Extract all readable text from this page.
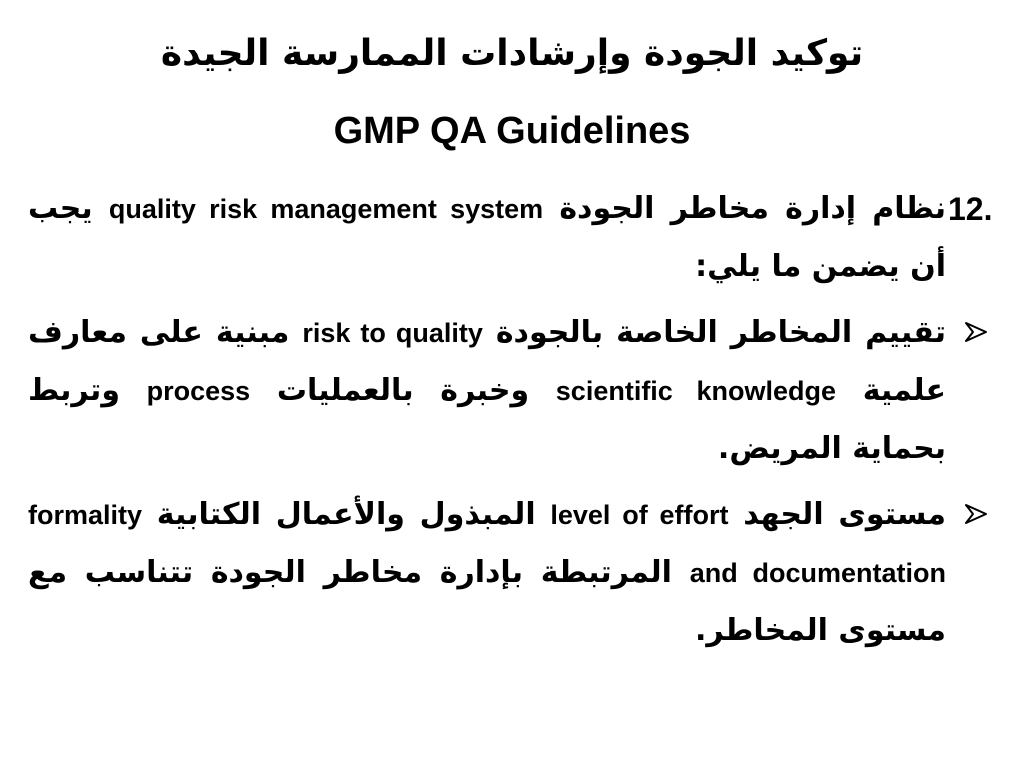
توكيد الجودة وإرشادات الممارسة الجيدة
GMP QA Guidelines
12.
نظام إدارة مخاطر الجودة quality risk management system يجب أن يضمن ما يلي:
تقييم المخاطر الخاصة بالجودة risk to quality مبنية على معارف علمية scientific knowledge وخبرة بالعمليات process وتربط بحماية المريض.
مستوى الجهد level of effort المبذول والأعمال الكتابية formality and documentation المرتبطة بإدارة مخاطر الجودة تتناسب مع مستوى المخاطر.
